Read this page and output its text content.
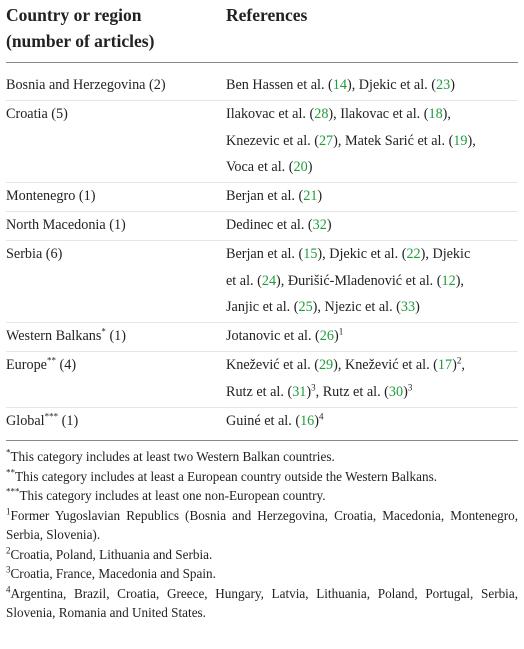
Country or region
(number of articles)	References
Bosnia and Herzegovina (2)	Ben Hassen et al. (14), Djekic et al. (23)
Croatia (5)	Ilakovac et al. (28), Ilakovac et al. (18),
Knezevic et al. (27), Matek Sarić et al. (19),
Voca et al. (20)
Montenegro (1)	Berjan et al. (21)
North Macedonia (1)	Dedinec et al. (32)
Serbia (6)	Berjan et al. (15), Djekic et al. (22), Djekic
et al. (24), Đurišić-Mladenović et al. (12),
Janjic et al. (25), Njezic et al. (33)
Western Balkans* (1)	Jotanovic et al. $(26)^1$
Europe** (4)	Knežević et al. (29), Knežević et al. $(17)^2$,
Rutz et al. $(31)^3$, Rutz et al. $(30)^3$
Global*** (1)	Guiné et al. $(16)^4$
*This category includes at least two Western Balkan countries.
**This category includes at least a European country outside the Western Balkans.
***This category includes at least one non-European country.
$^1$Former Yugoslavian Republics (Bosnia and Herzegovina, Croatia, Macedonia, Montenegro, Serbia, Slovenia).
$^2$Croatia, Poland, Lithuania and Serbia.
$^3$Croatia, France, Macedonia and Spain.
$^4$Argentina, Brazil, Croatia, Greece, Hungary, Latvia, Lithuania, Poland, Portugal, Serbia, Slovenia, Romania and United States.
